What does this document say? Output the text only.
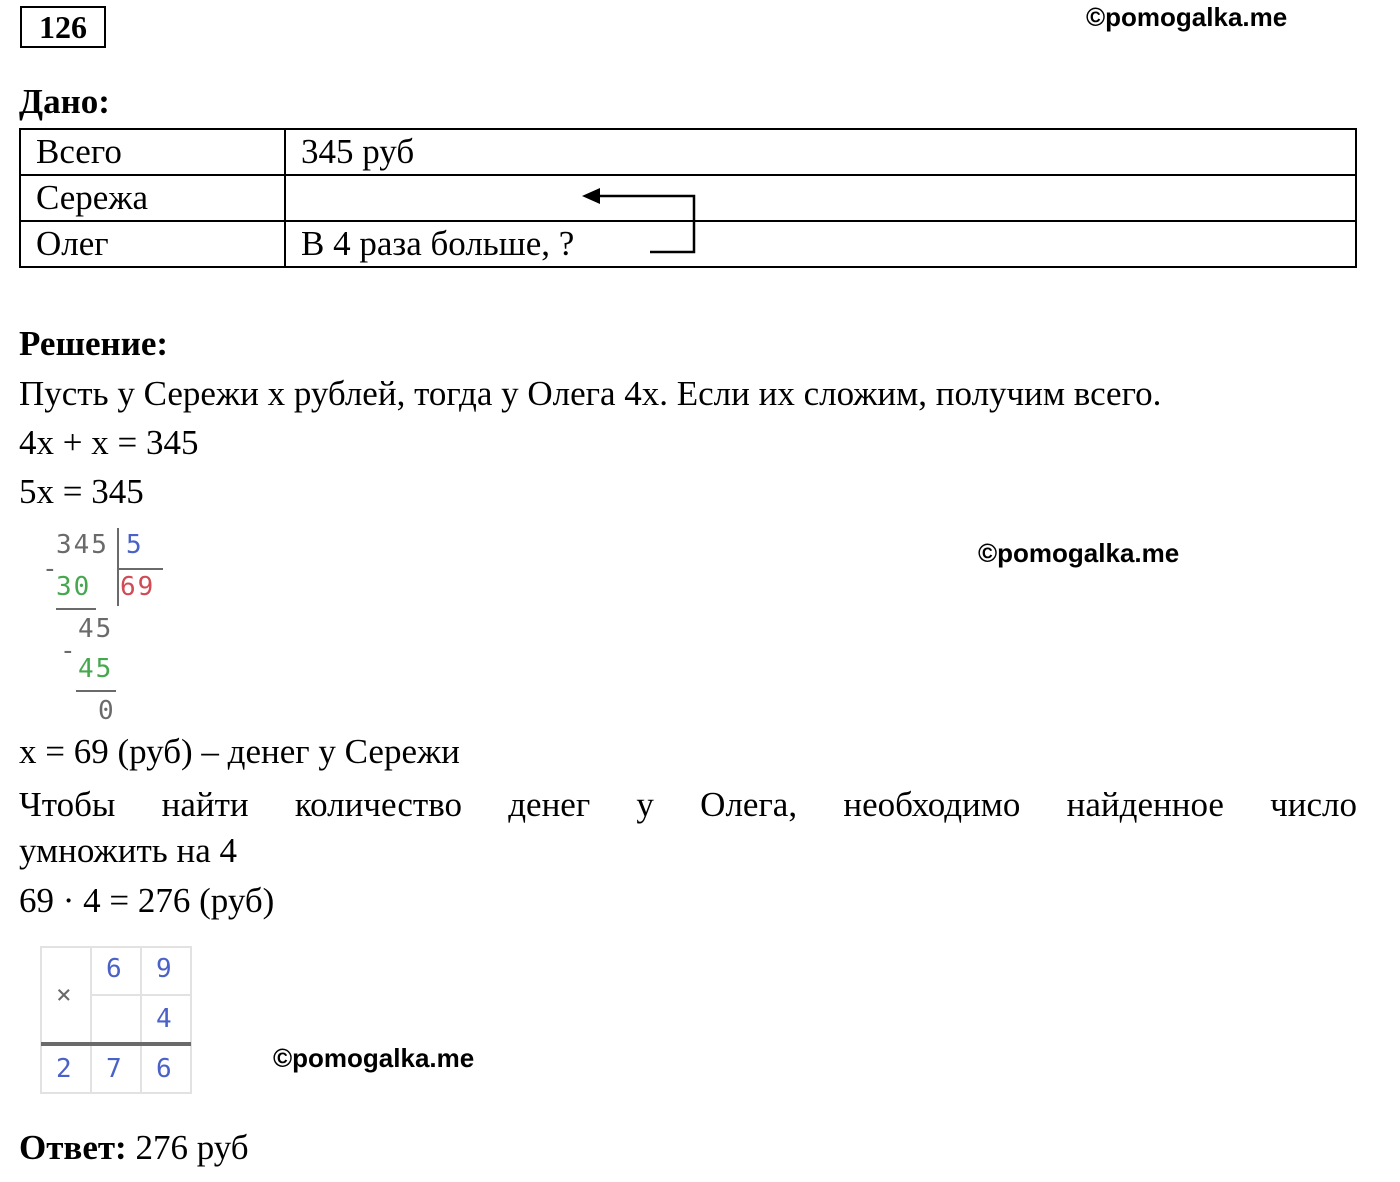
126	©pomogalka.me
Дано:
Всего	345 руб
Сережа	
Олег	В 4 раза больше, ?
Решение:
Пусть у Сережи x рублей, тогда у Олега 4x. Если их сложим, получим всего.
4x + x = 345
5x = 345
345 5
69
-
30
45
-
45
0
©pomogalka.me
x = 69 (руб) – денег у Сережи
Чтобы найти количество денег у Олега, необходимо найденное число
умножить на 4
69 · 4 = 276 (руб)
×
6 9
4
2 7 6	©pomogalka.me
Ответ: 276 руб
